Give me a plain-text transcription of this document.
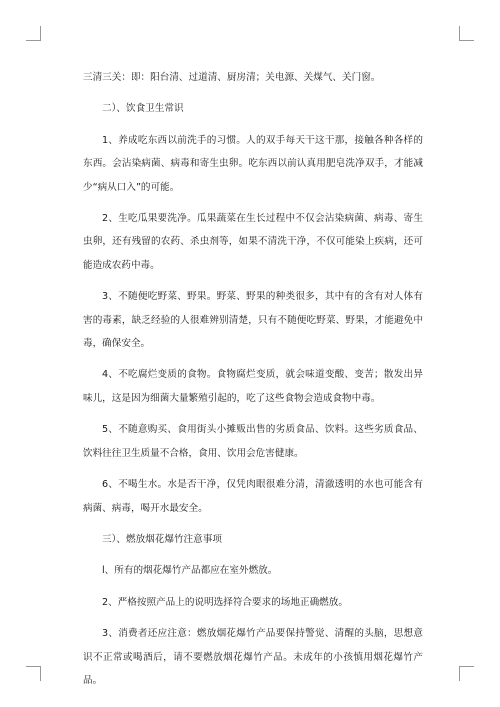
三清三关：即：阳台清、过道清、厨房清；关电源、关煤气、关门窗。

二）、饮食卫生常识

1、养成吃东西以前洗手的习惯。人的双手每天干这干那，接触各种各样的东西。会沾染病菌、病毒和寄生虫卵。吃东西以前认真用肥皂洗净双手，才能减少“病从口入”的可能。

2、生吃瓜果要洗净。瓜果蔬菜在生长过程中不仅会沾染病菌、病毒、寄生虫卵，还有残留的农药、杀虫剂等，如果不清洗干净，不仅可能染上疾病，还可能造成农药中毒。

3、不随便吃野菜、野果。野菜、野果的种类很多，其中有的含有对人体有害的毒素，缺乏经验的人很难辨别清楚，只有不随便吃野菜、野果，才能避免中毒，确保安全。

4、不吃腐烂变质的食物。食物腐烂变质，就会味道变酸、变苦；散发出异味儿，这是因为细菌大量繁殖引起的，吃了这些食物会造成食物中毒。

5、不随意购买、食用街头小摊贩出售的劣质食品、饮料。这些劣质食品、饮料往往卫生质量不合格，食用、饮用会危害健康。

6、不喝生水。水是否干净，仅凭肉眼很难分清，清澈透明的水也可能含有病菌、病毒，喝开水最安全。

三）、燃放烟花爆竹注意事项

l、所有的烟花爆竹产品都应在室外燃放。

2、严格按照产品上的说明选择符合要求的场地正确燃放。

3、消费者还应注意：燃放烟花爆竹产品要保持警觉、清醒的头脑，思想意识不正常或喝酒后，请不要燃放烟花爆竹产品。未成年的小孩慎用烟花爆竹产品。
